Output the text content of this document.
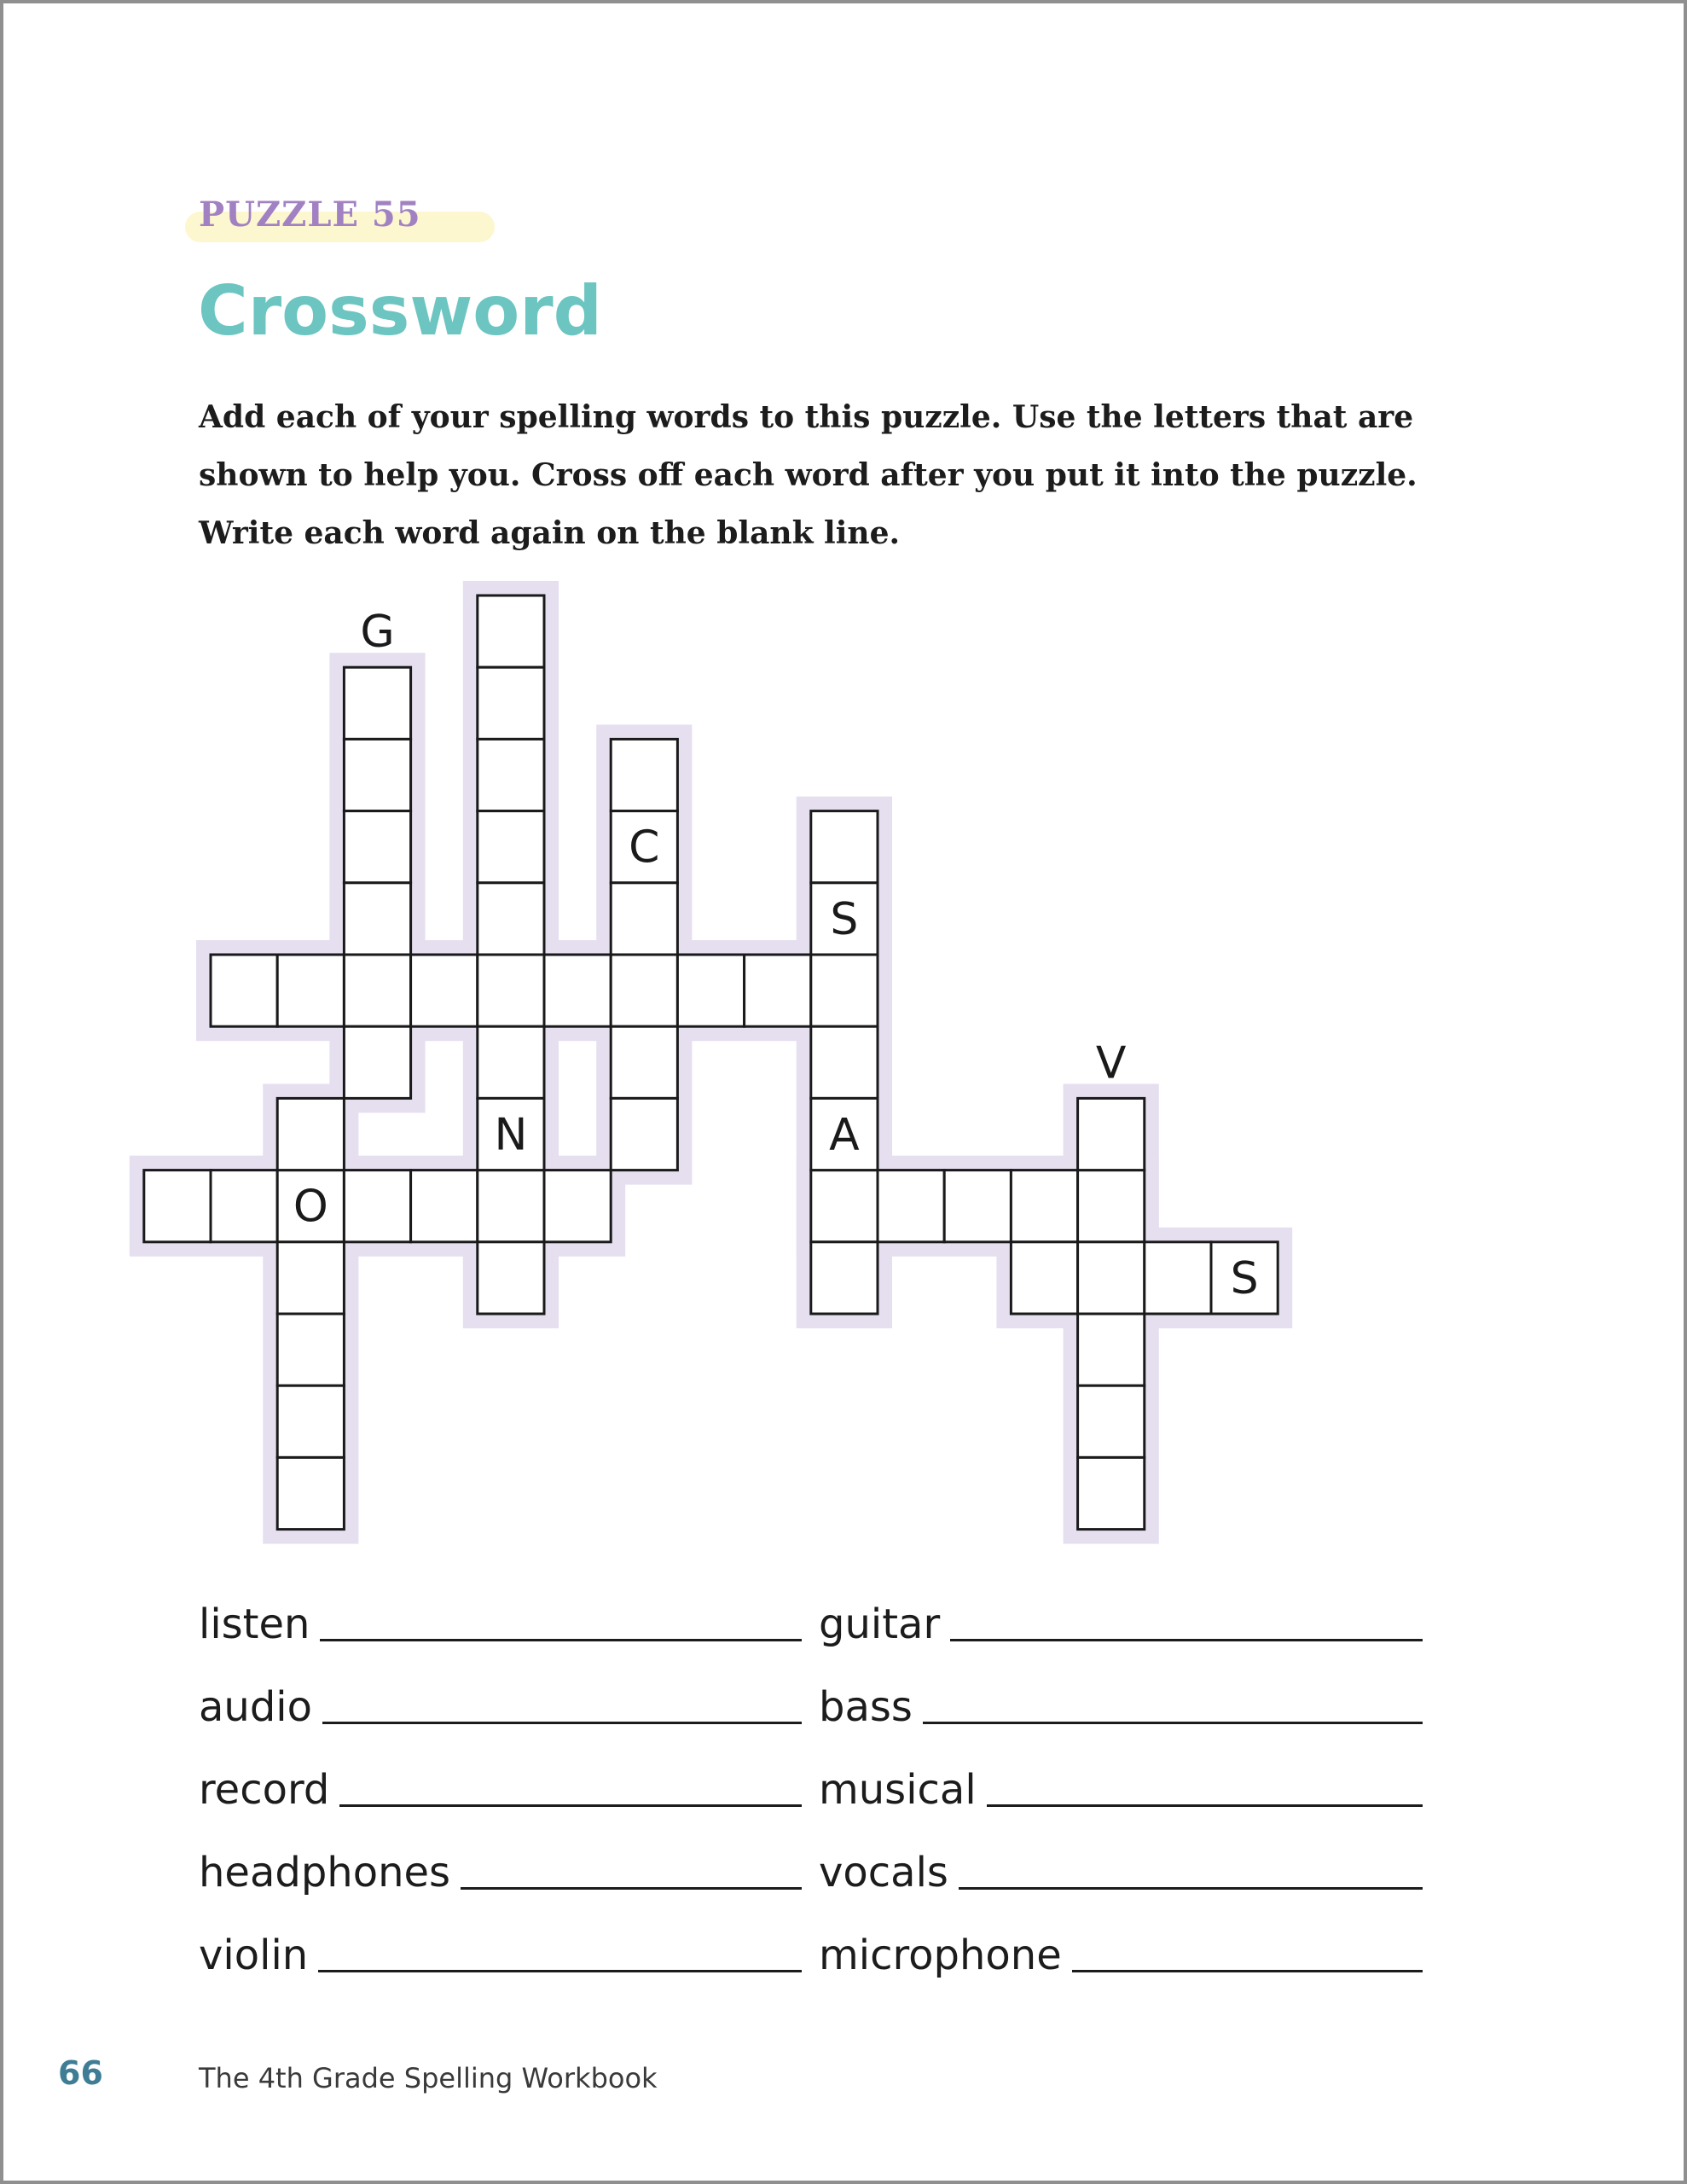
PUZZLE 55

Crossword

Add each of your spelling words to this puzzle. Use the letters that are shown to help you. Cross off each word after you put it into the puzzle. Write each word again on the blank line.

G
C
S
V
N	A
O
S
listen
audio
record
headphones
violin
guitar
bass
musical
vocals
microphone

66	The 4th Grade Spelling Workbook
